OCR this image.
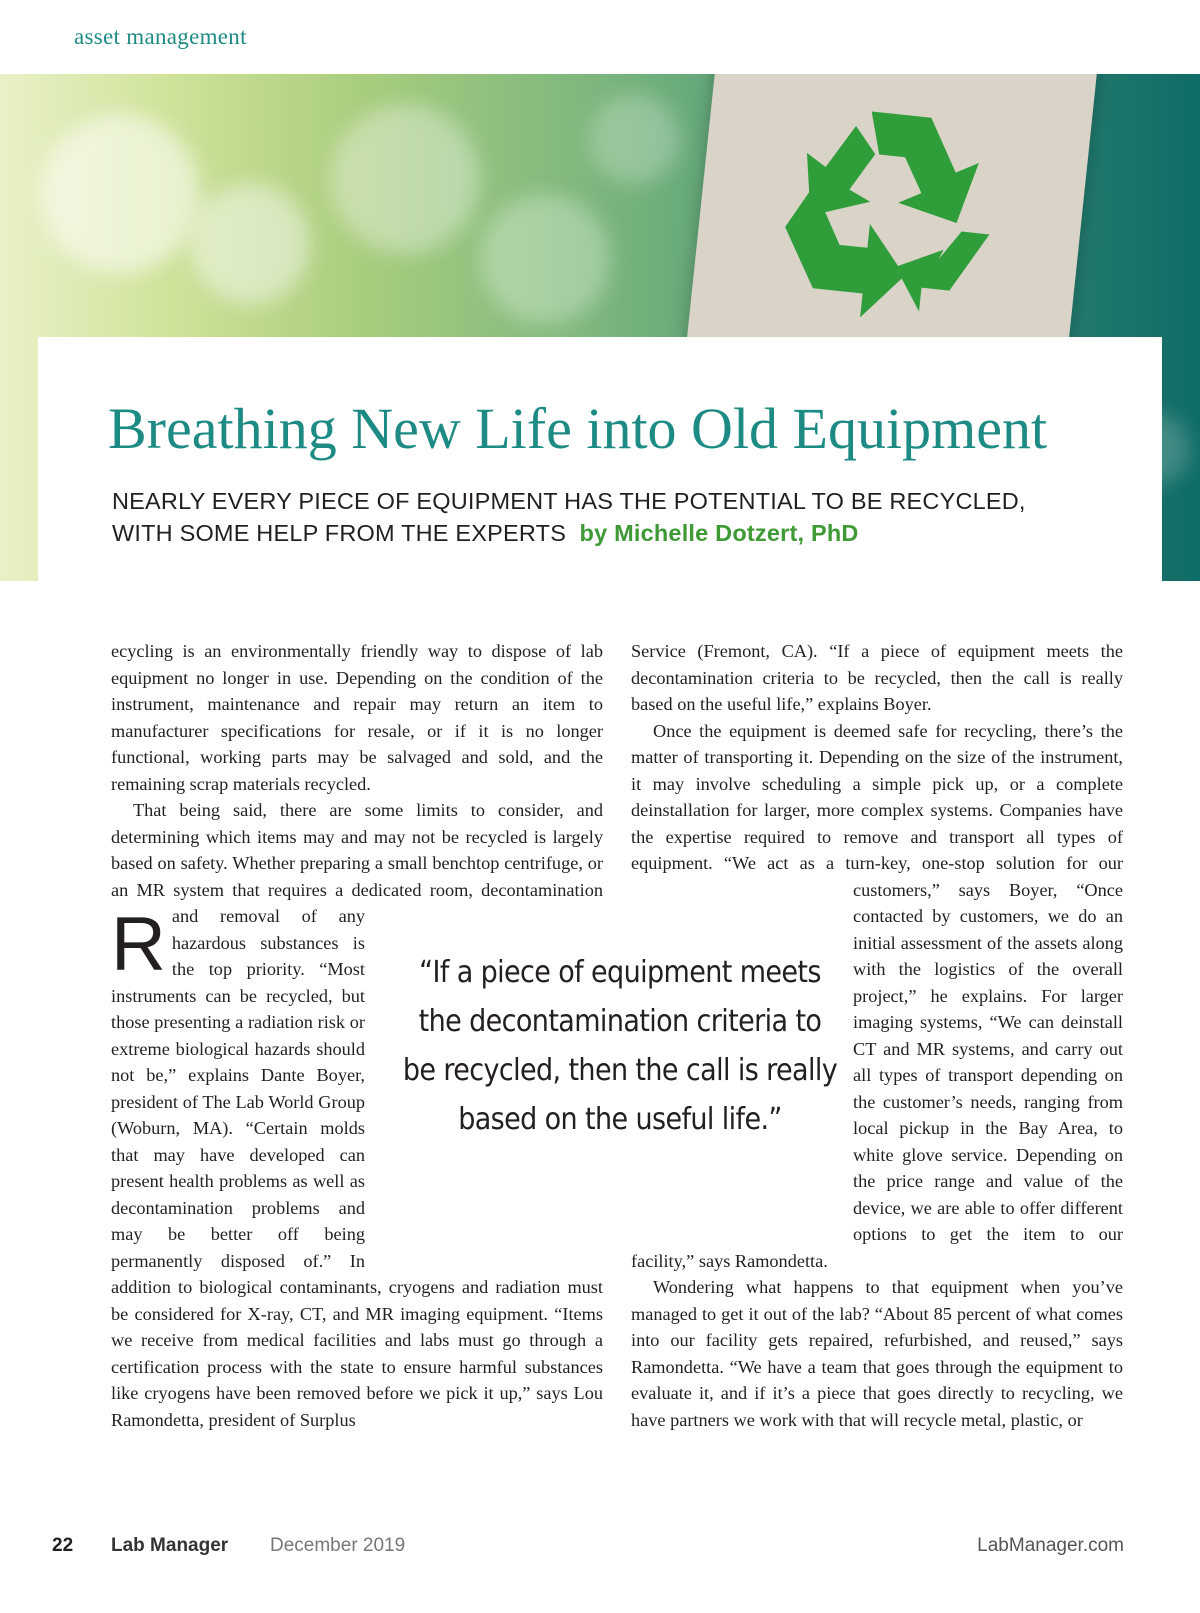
asset management
Breathing New Life into Old Equipment
NEARLY EVERY PIECE OF EQUIPMENT HAS THE POTENTIAL TO BE RECYCLED,
WITH SOME HELP FROM THE EXPERTS by Michelle Dotzert, PhD

R
ecycling is an environmentally friendly way to dispose of lab equipment no longer in use. Depending on the condition of the instrument, maintenance and repair may return an item to manufacturer specifications for resale, or if it is no longer functional, working parts may be salvaged and sold, and the remaining scrap materials recycled.

That being said, there are some limits to consider, and determining which items may and may not be recycled is largely based on safety. Whether preparing a small benchtop centrifuge, or an MR system that requires a dedicated room, decontamination and removal of any hazardous substances is the top priority. “Most instruments can be recycled, but those presenting a radiation risk or extreme biological hazards should not be,” explains Dante Boyer, president of The Lab World Group (Woburn, MA). “Certain molds that may have developed can present health problems as well as decontamination problems and may be better off being permanently disposed of.” In addition to biological contaminants, cryogens and radiation must be considered for X-ray, CT, and MR imaging equipment. “Items we receive from medical facilities and labs must go through a certification process with the state to ensure harmful substances like cryogens have been removed before we pick it up,” says Lou Ramondetta, president of Surplus

Service (Fremont, CA). “If a piece of equipment meets the decontamination criteria to be recycled, then the call is really based on the useful life,” explains Boyer.

Once the equipment is deemed safe for recycling, there’s the matter of transporting it. Depending on the size of the instrument, it may involve scheduling a simple pick up, or a complete deinstallation for larger, more complex systems. Companies have the expertise required to remove and transport all types of equipment. “We act as a turn-key, one-stop solution for our customers,” says Boyer, “Once contacted by customers, we do an initial assessment of the assets along with the logistics of the overall project,” he explains. For larger imaging systems, “We can deinstall CT and MR systems, and carry out all types of transport depending on the customer’s needs, ranging from local pickup in the Bay Area, to white glove service. Depending on the price range and value of the device, we are able to offer different options to get the item to our facility,” says Ramondetta.

Wondering what happens to that equipment when you’ve managed to get it out of the lab? “About 85 percent of what comes into our facility gets repaired, refurbished, and reused,” says Ramondetta. “We have a team that goes through the equipment to evaluate it, and if it’s a piece that goes directly to recycling, we have partners we work with that will recycle metal, plastic, or

“If a piece of equipment meets the decontamination criteria to be recycled, then the call is really based on the useful life.”
22 Lab Manager December 2019	LabManager.com
